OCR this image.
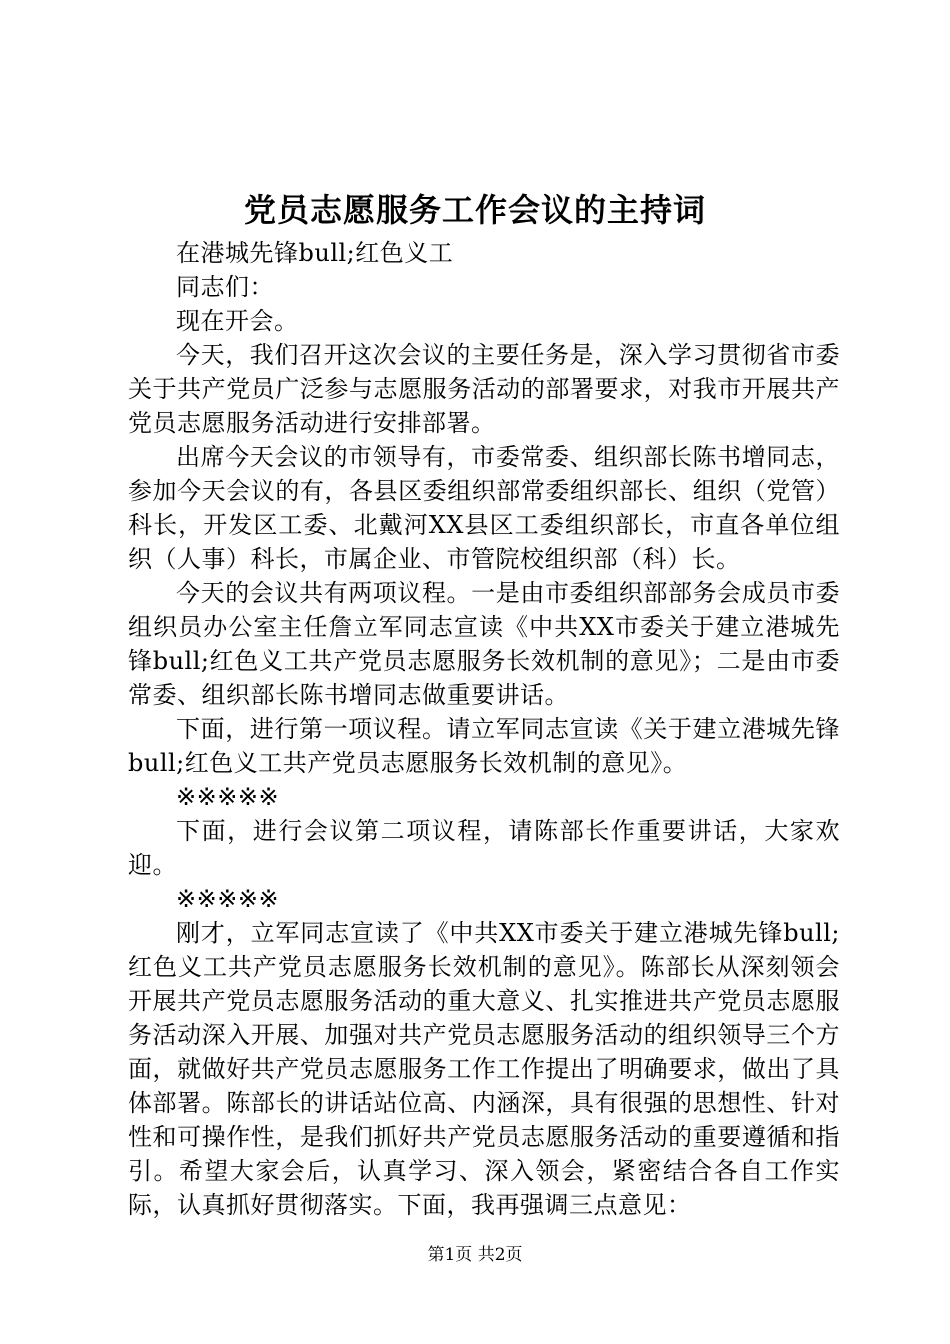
党员志愿服务工作会议的主持词

在港城先锋bull;红色义工

同志们：

现在开会。

今天，我们召开这次会议的主要任务是，深入学习贯彻省市委关于共产党员广泛参与志愿服务活动的部署要求，对我市开展共产党员志愿服务活动进行安排部署。

出席今天会议的市领导有，市委常委、组织部长陈书增同志，参加今天会议的有，各县区委组织部常委组织部长、组织（党管）科长，开发区工委、北戴河XX县区工委组织部长，市直各单位组织（人事）科长，市属企业、市管院校组织部（科）长。

今天的会议共有两项议程。一是由市委组织部部务会成员市委组织员办公室主任詹立军同志宣读《中共XX市委关于建立港城先锋bull;红色义工共产党员志愿服务长效机制的意见》；二是由市委常委、组织部长陈书增同志做重要讲话。

下面，进行第一项议程。请立军同志宣读《关于建立港城先锋bull;红色义工共产党员志愿服务长效机制的意见》。

※※※※※

下面，进行会议第二项议程，请陈部长作重要讲话，大家欢迎。

※※※※※

刚才，立军同志宣读了《中共XX市委关于建立港城先锋bull;红色义工共产党员志愿服务长效机制的意见》。陈部长从深刻领会开展共产党员志愿服务活动的重大意义、扎实推进共产党员志愿服务活动深入开展、加强对共产党员志愿服务活动的组织领导三个方面，就做好共产党员志愿服务工作工作提出了明确要求，做出了具体部署。陈部长的讲话站位高、内涵深，具有很强的思想性、针对性和可操作性，是我们抓好共产党员志愿服务活动的重要遵循和指引。希望大家会后，认真学习、深入领会，紧密结合各自工作实际，认真抓好贯彻落实。下面，我再强调三点意见：

第1页 共2页
